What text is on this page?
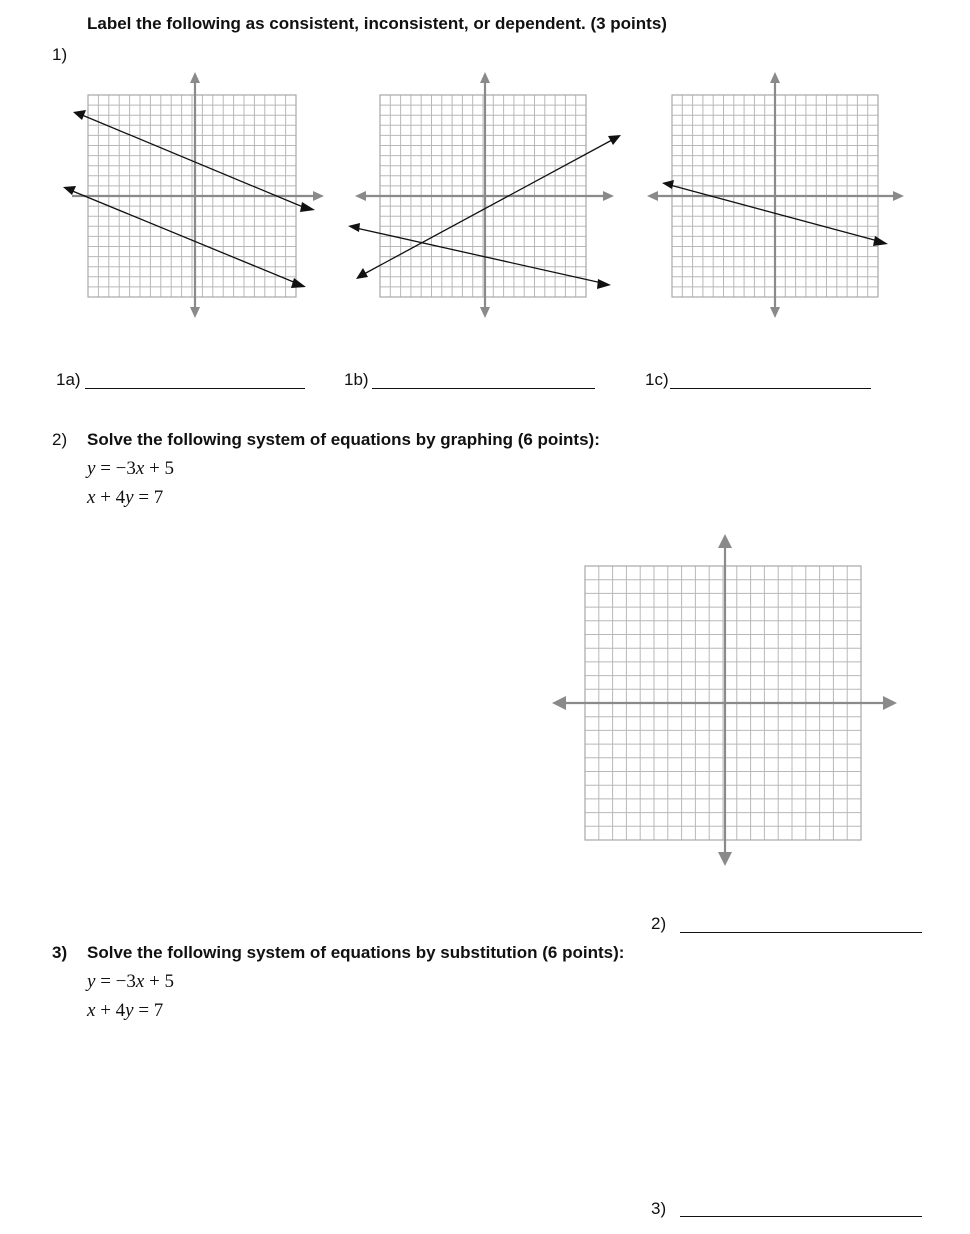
Label the following as consistent, inconsistent, or dependent. (3 points)
1)
1a)	1b)	1c)
2) Solve the following system of equations by graphing (6 points):
y = −3x + 5
x + 4y = 7
2)
3) Solve the following system of equations by substitution (6 points):
y = −3x + 5
x + 4y = 7
3)
